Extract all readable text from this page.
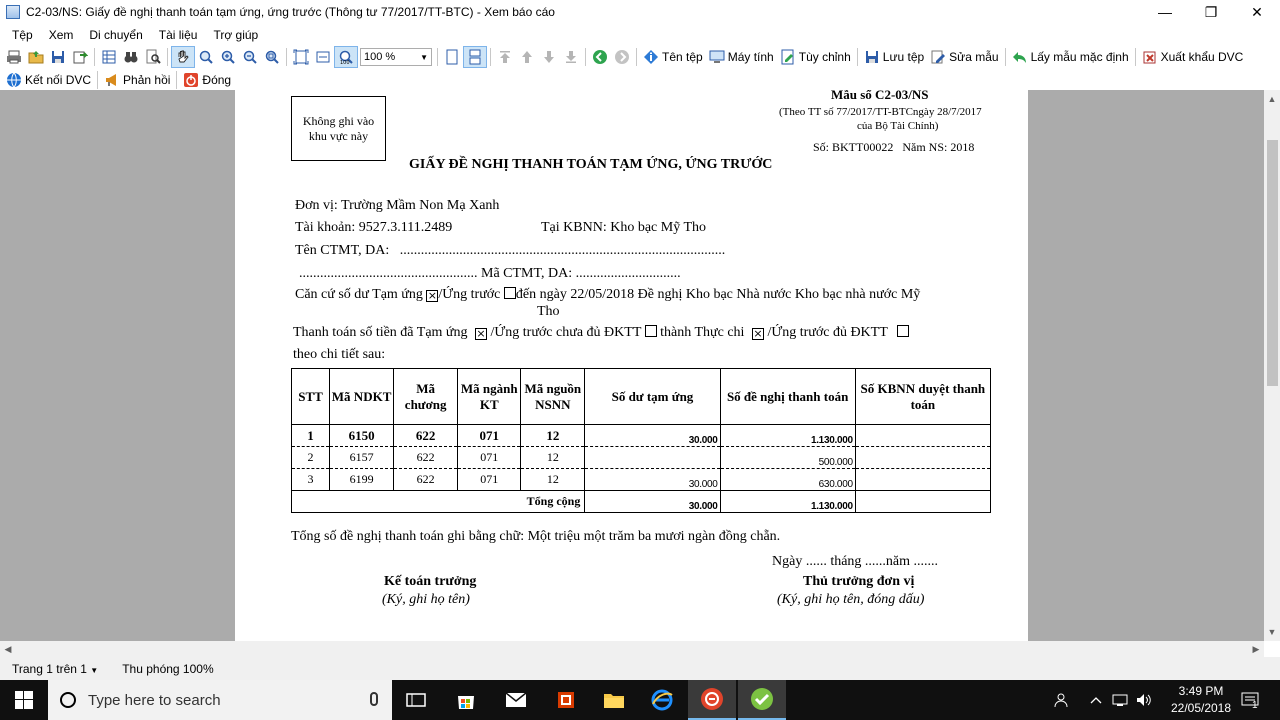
C2-03/NS: Giấy đề nghị thanh toán tạm ứng, ứng trước (Thông tư 77/2017/TT-BTC) - Xem báo cáo	—	❐	✕
Tệp	Xem	Di chuyển	Tài liệu	Trợ giúp
100 100 %	▼	Tên tệp Máy tính Tùy chỉnh	Lưu tệp Sửa mẫu	Lấy mẫu mặc định	Xuất khẩu DVC
Kết nối DVC	Phản hồi	Đóng
Không ghi vào
khu vực này
Mẫu số C2-03/NS
(Theo TT số 77/2017/TT-BTCngày 28/7/2017
của Bộ Tài Chính)
Số: BKTT00022   Năm NS: 2018
GIẤY ĐỀ NGHỊ THANH TOÁN TẠM ỨNG, ỨNG TRƯỚC
Đơn vị: Trường Mầm Non Mạ Xanh
Tài khoản: 9527.3.111.2489	Tại KBNN: Kho bạc Mỹ Tho
Tên CTMT, DA:   .............................................................................................
................................................... Mã CTMT, DA: ..............................
Căn cứ số dư Tạm ứng ×/Ứng trước đến ngày 22/05/2018 Đề nghị Kho bạc Nhà nước Kho bạc nhà nước Mỹ
Tho
Thanh toán số tiền đã Tạm ứng × /Ứng trước chưa đủ ĐKTT thành Thực chi × /Ứng trước đủ ĐKTT
theo chi tiết sau:
STT	Mã NDKT	Mã chương	Mã ngành KT	Mã nguồn NSNN	Số dư tạm ứng	Số đề nghị thanh toán	Số KBNN duyệt thanh toán
1	6150	622	071	12	30.000	1.130.000	
2	6157	622	071	12		500.000	
3	6199	622	071	12	30.000	630.000	
Tổng cộng					30.000	1.130.000	
Tổng số đề nghị thanh toán ghi bằng chữ: Một triệu một trăm ba mươi ngàn đồng chẵn.
Ngày ...... tháng ......năm .......
Kế toán trưởng
(Ký, ghi họ tên)
Thủ trưởng đơn vị
(Ký, ghi họ tên, đóng dấu)
▲
▼
◀	▶
Trang 1 trên 1 ▼ Thu phóng 100%
Type here to search
3:49 PM
22/05/2018	1
